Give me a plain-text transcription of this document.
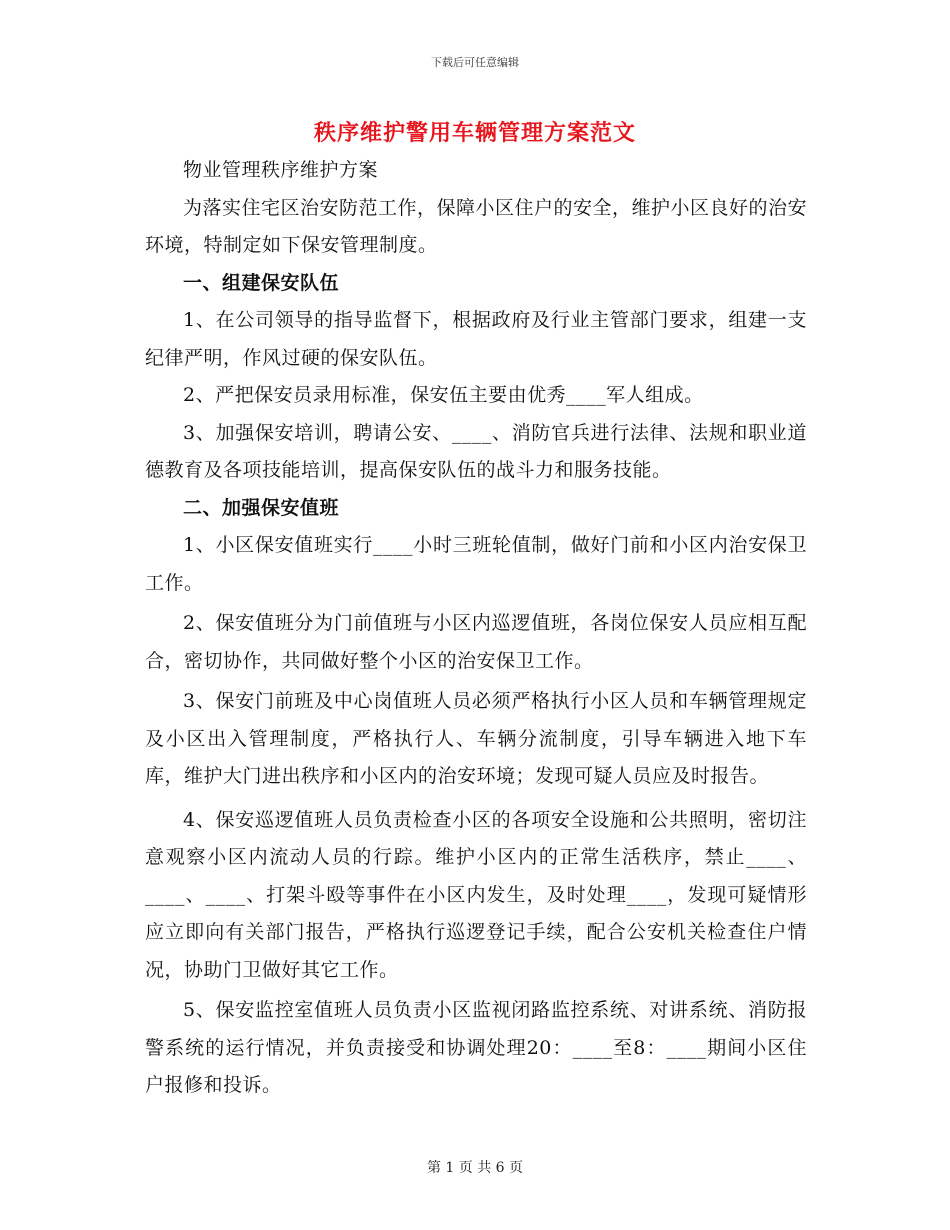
下载后可任意编辑
秩序维护警用车辆管理方案范文

物业管理秩序维护方案

为落实住宅区治安防范工作，保障小区住户的安全，维护小区良好的治安环境，特制定如下保安管理制度。

一、组建保安队伍

1、在公司领导的指导监督下，根据政府及行业主管部门要求，组建一支纪律严明，作风过硬的保安队伍。

2、严把保安员录用标准，保安伍主要由优秀____军人组成。

3、加强保安培训，聘请公安、____、消防官兵进行法律、法规和职业道德教育及各项技能培训，提高保安队伍的战斗力和服务技能。

二、加强保安值班

1、小区保安值班实行____小时三班轮值制，做好门前和小区内治安保卫工作。

2、保安值班分为门前值班与小区内巡逻值班，各岗位保安人员应相互配合，密切协作，共同做好整个小区的治安保卫工作。

3、保安门前班及中心岗值班人员必须严格执行小区人员和车辆管理规定及小区出入管理制度，严格执行人、车辆分流制度，引导车辆进入地下车库，维护大门进出秩序和小区内的治安环境；发现可疑人员应及时报告。

4、保安巡逻值班人员负责检查小区的各项安全设施和公共照明，密切注意观察小区内流动人员的行踪。维护小区内的正常生活秩序，禁止____、____、____、打架斗殴等事件在小区内发生，及时处理____，发现可疑情形应立即向有关部门报告，严格执行巡逻登记手续，配合公安机关检查住户情况，协助门卫做好其它工作。

5、保安监控室值班人员负责小区监视闭路监控系统、对讲系统、消防报警系统的运行情况，并负责接受和协调处理20：____至8：____期间小区住户报修和投诉。

第 1 页 共 6 页
